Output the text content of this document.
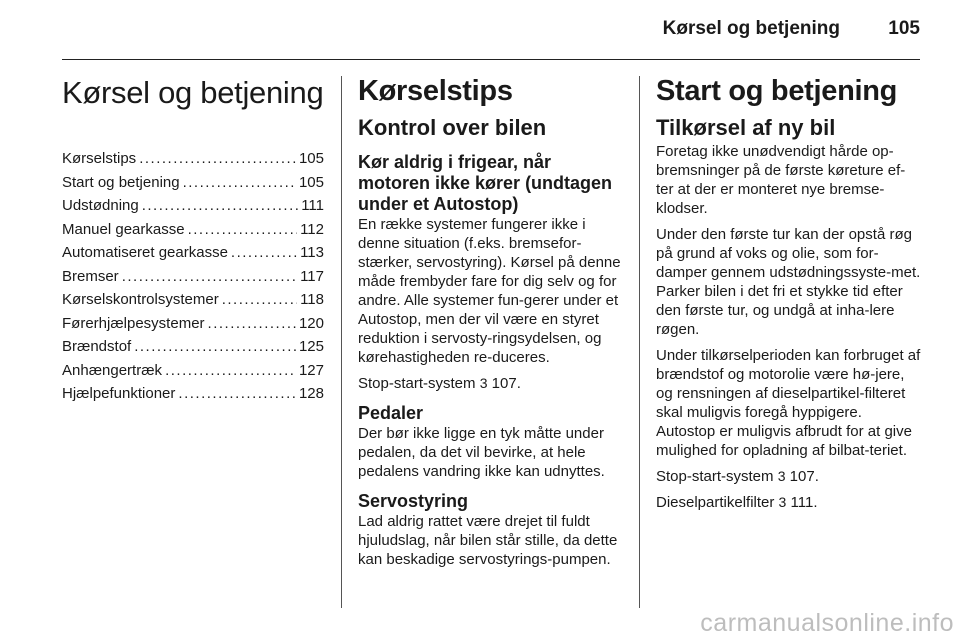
Kørsel og betjening	105
Kørsel og betjening
Kørselstips .....	105
Start og betjening .....	105
Udstødning .....	111
Manuel gearkasse .....	112
Automatiseret gearkasse .....	113
Bremser .....	117
Kørselskontrolsystemer .....	118
Førerhjælpesystemer .....	120
Brændstof .....	125
Anhængertræk .....	127
Hjælpefunktioner .....	128
Kørselstips
Kontrol over bilen
Kør aldrig i frigear, når motoren ikke kører (undtagen under et Autostop)

En række systemer fungerer ikke i denne situation (f.eks. bremsefor-stærker, servostyring). Kørsel på denne måde frembyder fare for dig selv og for andre. Alle systemer fun-gerer under et Autostop, men der vil være en styret reduktion i servosty-ringsydelsen, og kørehastigheden re-duceres.

Stop-start-system 3 107.

Pedaler

Der bør ikke ligge en tyk måtte under pedalen, da det vil bevirke, at hele pedalens vandring ikke kan udnyttes.

Servostyring

Lad aldrig rattet være drejet til fuldt hjuludslag, når bilen står stille, da dette kan beskadige servostyrings-pumpen.

Start og betjening
Tilkørsel af ny bil

Foretag ikke unødvendigt hårde op-bremsninger på de første køreture ef-ter at der er monteret nye bremse-klodser.

Under den første tur kan der opstå røg på grund af voks og olie, som for-damper gennem udstødningssyste-met. Parker bilen i det fri et stykke tid efter den første tur, og undgå at inha-lere røgen.

Under tilkørselperioden kan forbruget af brændstof og motorolie være hø-jere, og rensningen af dieselpartikel-filteret skal muligvis foregå hyppigere. Autostop er muligvis afbrudt for at give mulighed for opladning af bilbat-teriet.

Stop-start-system 3 107.

Dieselpartikelfilter 3 111.

carmanualsonline.info
